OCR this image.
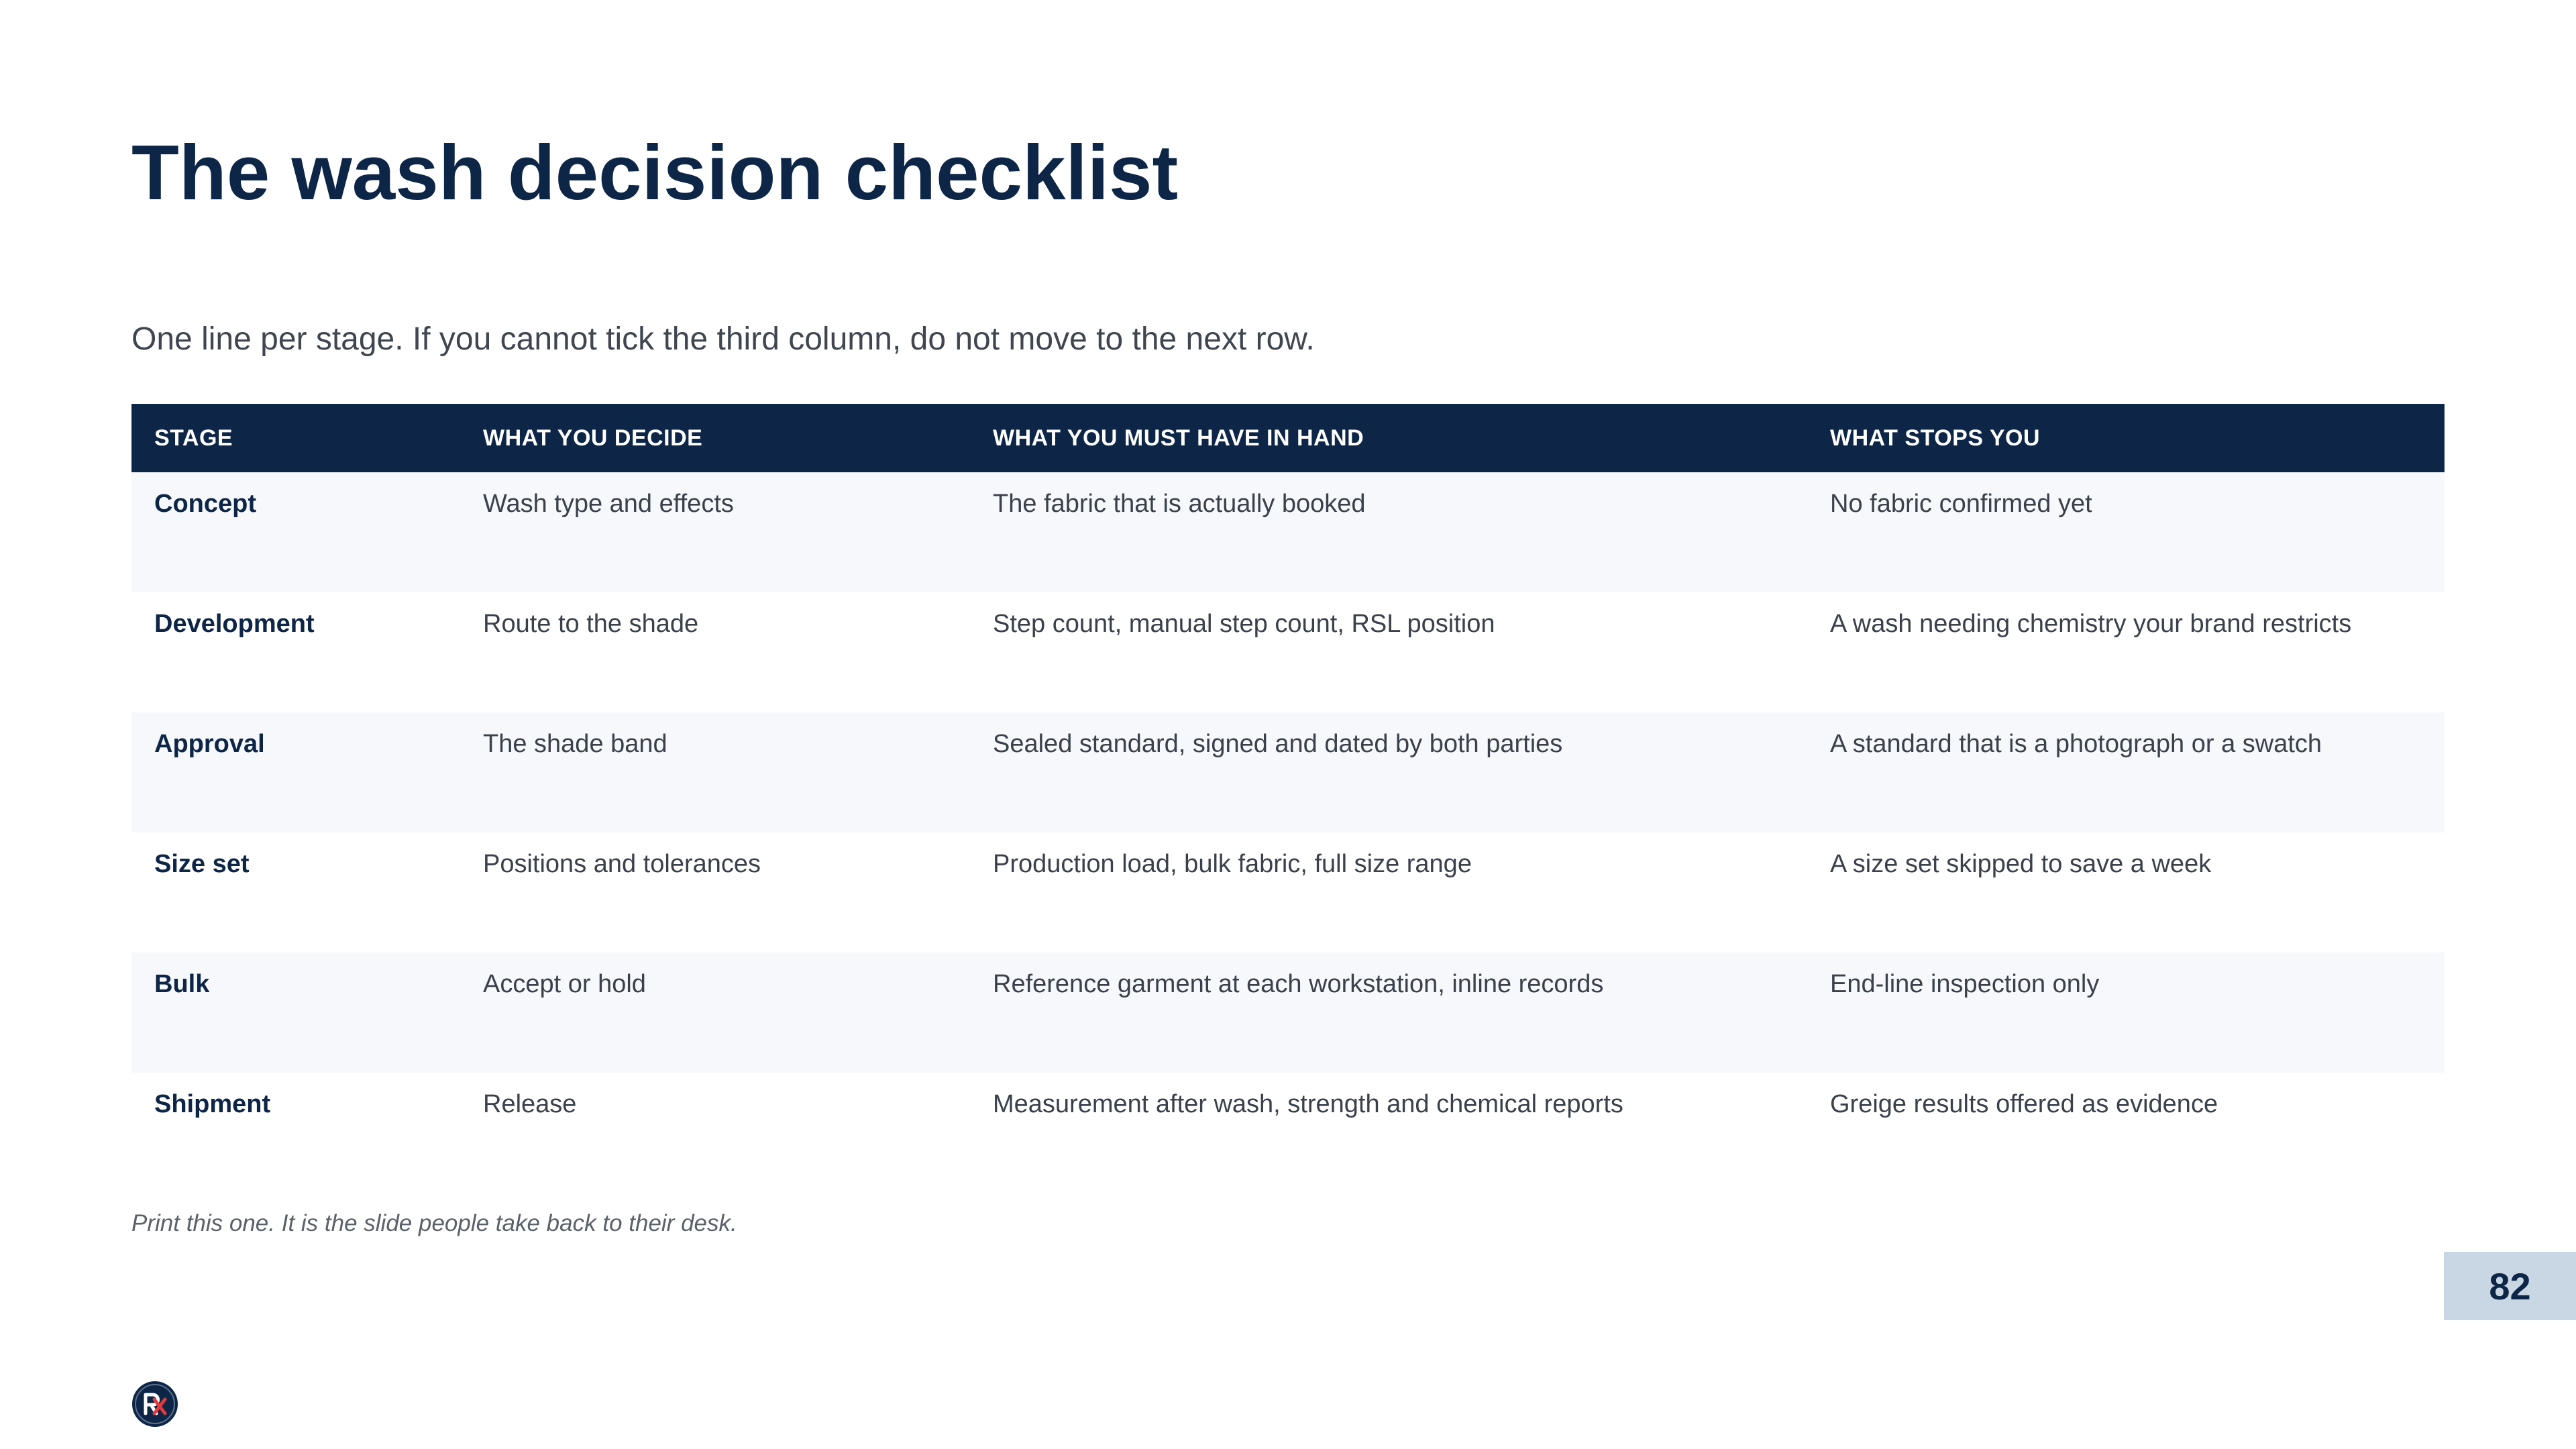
The wash decision checklist

One line per stage. If you cannot tick the third column, do not move to the next row.

STAGE	WHAT YOU DECIDE	WHAT YOU MUST HAVE IN HAND	WHAT STOPS YOU
Concept	Wash type and effects	The fabric that is actually booked	No fabric confirmed yet
Development	Route to the shade	Step count, manual step count, RSL position	A wash needing chemistry your brand restricts
Approval	The shade band	Sealed standard, signed and dated by both parties	A standard that is a photograph or a swatch
Size set	Positions and tolerances	Production load, bulk fabric, full size range	A size set skipped to save a week
Bulk	Accept or hold	Reference garment at each workstation, inline records	End-line inspection only
Shipment	Release	Measurement after wash, strength and chemical reports	Greige results offered as evidence

Print this one. It is the slide people take back to their desk.

82
